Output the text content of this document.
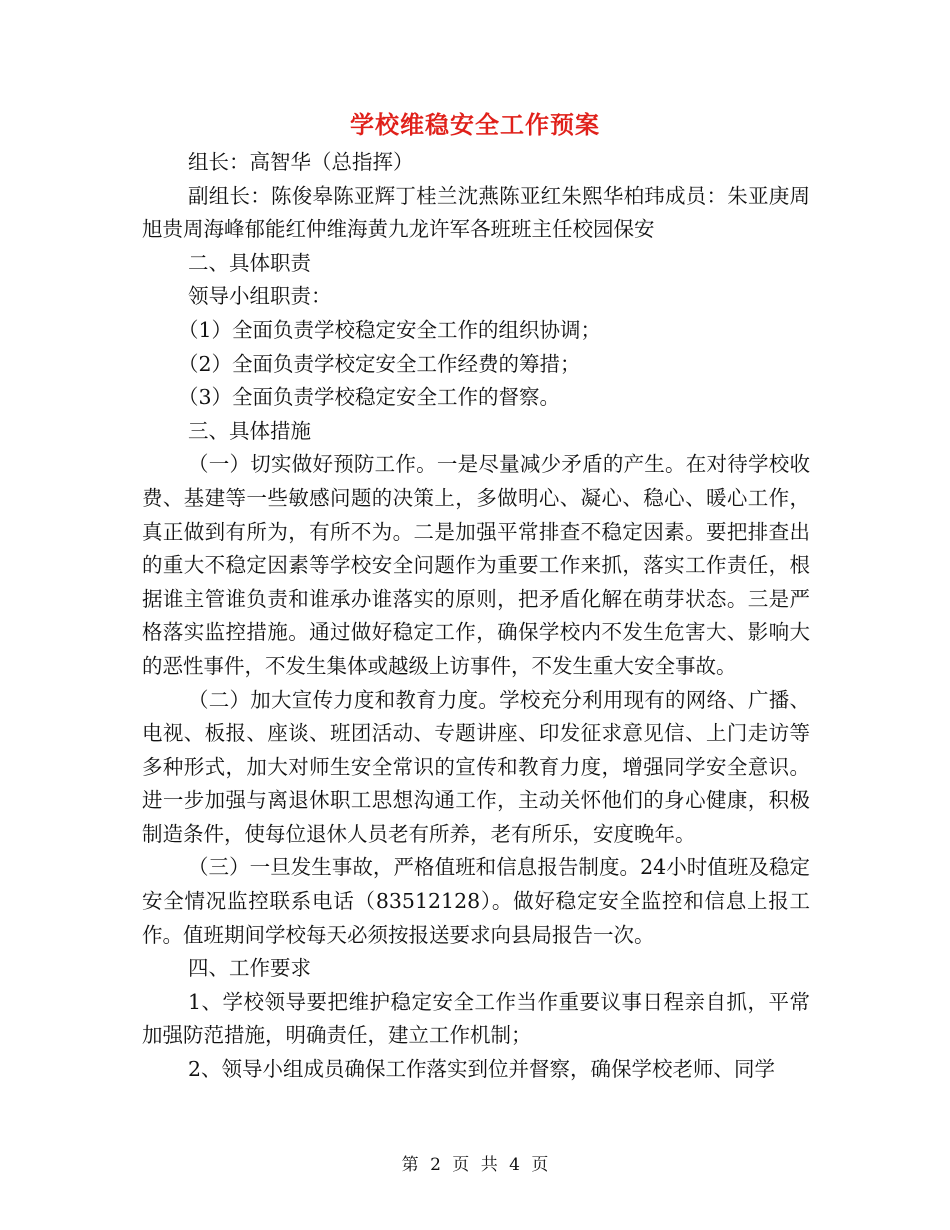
学校维稳安全工作预案

组长：高智华（总指挥）

副组长：陈俊皋陈亚辉丁桂兰沈燕陈亚红朱熙华柏玮成员：朱亚庚周旭贵周海峰郁能红仲维海黄九龙许军各班班主任校园保安

二、具体职责

领导小组职责：

（1）全面负责学校稳定安全工作的组织协调；

（2）全面负责学校定安全工作经费的筹措；

（3）全面负责学校稳定安全工作的督察。

三、具体措施

（一）切实做好预防工作。一是尽量减少矛盾的产生。在对待学校收费、基建等一些敏感问题的决策上，多做明心、凝心、稳心、暖心工作，真正做到有所为，有所不为。二是加强平常排查不稳定因素。要把排查出的重大不稳定因素等学校安全问题作为重要工作来抓，落实工作责任，根据谁主管谁负责和谁承办谁落实的原则，把矛盾化解在萌芽状态。三是严格落实监控措施。通过做好稳定工作，确保学校内不发生危害大、影响大的恶性事件，不发生集体或越级上访事件，不发生重大安全事故。

（二）加大宣传力度和教育力度。学校充分利用现有的网络、广播、电视、板报、座谈、班团活动、专题讲座、印发征求意见信、上门走访等多种形式，加大对师生安全常识的宣传和教育力度，增强同学安全意识。进一步加强与离退休职工思想沟通工作，主动关怀他们的身心健康，积极制造条件，使每位退休人员老有所养，老有所乐，安度晚年。

（三）一旦发生事故，严格值班和信息报告制度。24小时值班及稳定安全情况监控联系电话（83512128）。做好稳定安全监控和信息上报工作。值班期间学校每天必须按报送要求向县局报告一次。

四、工作要求

1、学校领导要把维护稳定安全工作当作重要议事日程亲自抓，平常加强防范措施，明确责任，建立工作机制；

2、领导小组成员确保工作落实到位并督察，确保学校老师、同学

第 2 页 共 4 页
